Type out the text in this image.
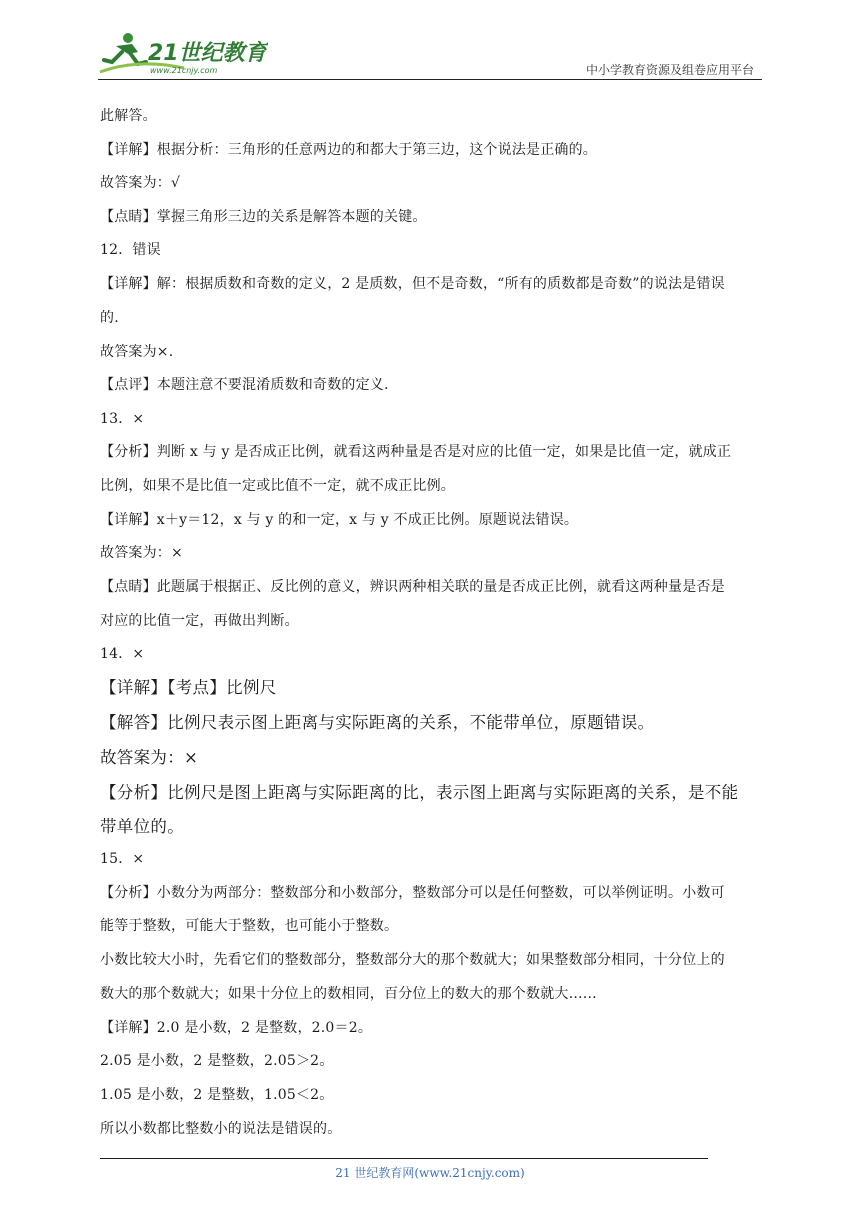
21世纪教育
www.21cnjy.com	中小学教育资源及组卷应用平台
此解答。
【详解】根据分析：三角形的任意两边的和都大于第三边，这个说法是正确的。
故答案为：√
【点睛】掌握三角形三边的关系是解答本题的关键。
12．错误
【详解】解：根据质数和奇数的定义，2 是质数，但不是奇数，“所有的质数都是奇数”的说法是错误
的.
故答案为×.
【点评】本题注意不要混淆质数和奇数的定义.
13．×
【分析】判断 x 与 y 是否成正比例，就看这两种量是否是对应的比值一定，如果是比值一定，就成正
比例，如果不是比值一定或比值不一定，就不成正比例。
【详解】x＋y＝12，x 与 y 的和一定，x 与 y 不成正比例。原题说法错误。
故答案为：×
【点睛】此题属于根据正、反比例的意义，辨识两种相关联的量是否成正比例，就看这两种量是否是
对应的比值一定，再做出判断。
14．×
【详解】【考点】比例尺
【解答】比例尺表示图上距离与实际距离的关系，不能带单位，原题错误。
故答案为：×
【分析】比例尺是图上距离与实际距离的比，表示图上距离与实际距离的关系，是不能
带单位的。
15．×
【分析】小数分为两部分：整数部分和小数部分，整数部分可以是任何整数，可以举例证明。小数可
能等于整数，可能大于整数，也可能小于整数。
小数比较大小时，先看它们的整数部分，整数部分大的那个数就大；如果整数部分相同，十分位上的
数大的那个数就大；如果十分位上的数相同，百分位上的数大的那个数就大……
【详解】2.0 是小数，2 是整数，2.0＝2。
2.05 是小数，2 是整数，2.05＞2。
1.05 是小数，2 是整数，1.05＜2。
所以小数都比整数小的说法是错误的。
21 世纪教育网(www.21cnjy.com)
